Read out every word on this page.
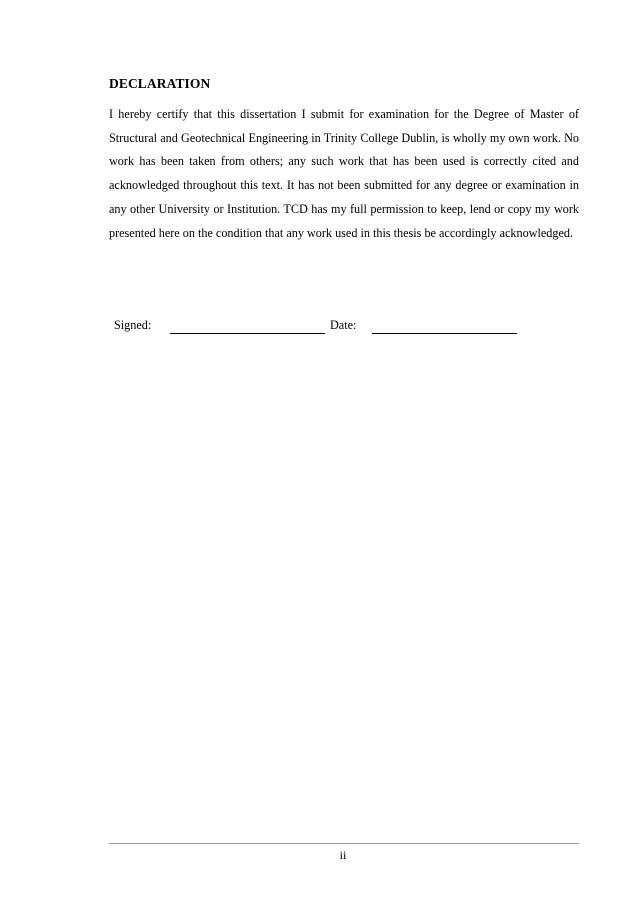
DECLARATION

I hereby certify that this dissertation I submit for examination for the Degree of Master of Structural and Geotechnical Engineering in Trinity College Dublin, is wholly my own work. No work has been taken from others; any such work that has been used is correctly cited and acknowledged throughout this text. It has not been submitted for any degree or examination in any other University or Institution. TCD has my full permission to keep, lend or copy my work presented here on the condition that any work used in this thesis be accordingly acknowledged.

Signed:	Date:
ii
